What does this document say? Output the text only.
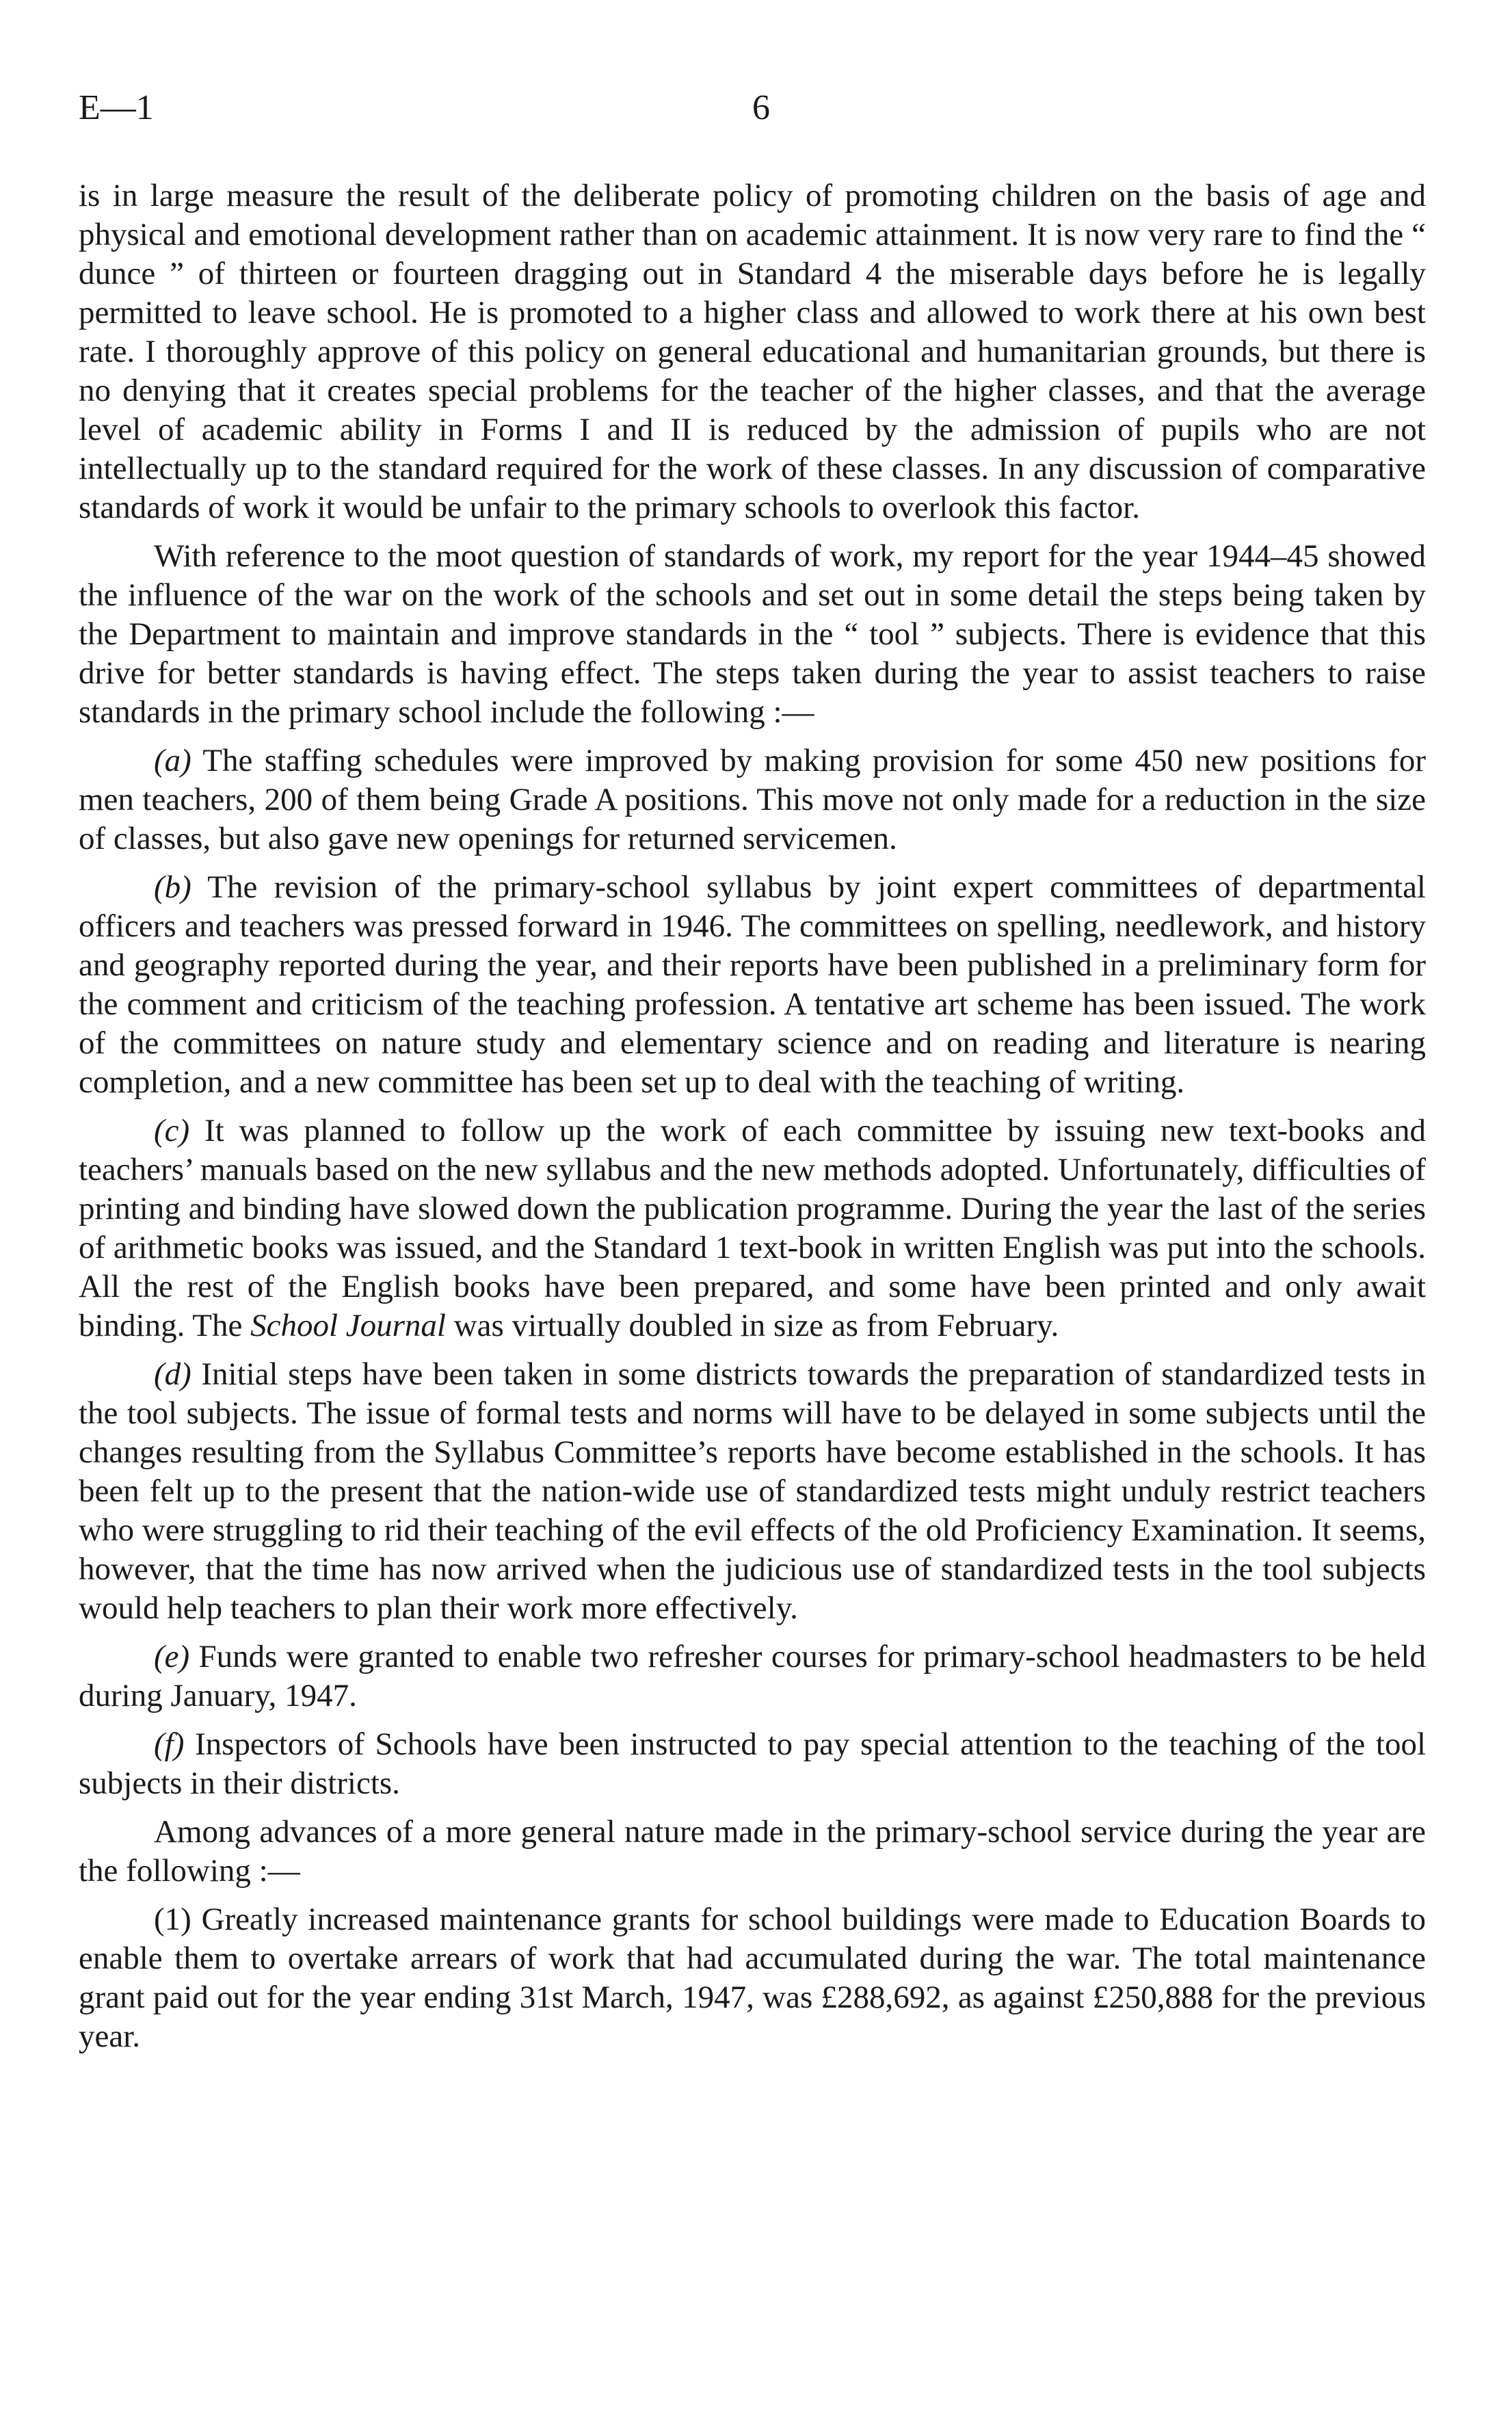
E—1	6

is in large measure the result of the deliberate policy of promoting children on the basis of age and physical and emotional development rather than on academic attainment. It is now very rare to find the “ dunce ” of thirteen or fourteen dragging out in Standard 4 the miserable days before he is legally permitted to leave school. He is promoted to a higher class and allowed to work there at his own best rate. I thoroughly approve of this policy on general educational and humanitarian grounds, but there is no denying that it creates special problems for the teacher of the higher classes, and that the average level of academic ability in Forms I and II is reduced by the admission of pupils who are not intellectually up to the standard required for the work of these classes. In any discussion of comparative standards of work it would be unfair to the primary schools to overlook this factor.

With reference to the moot question of standards of work, my report for the year 1944–45 showed the influence of the war on the work of the schools and set out in some detail the steps being taken by the Department to maintain and improve standards in the “ tool ” subjects. There is evidence that this drive for better standards is having effect. The steps taken during the year to assist teachers to raise standards in the primary school include the following :—

(a) The staffing schedules were improved by making provision for some 450 new positions for men teachers, 200 of them being Grade A positions. This move not only made for a reduction in the size of classes, but also gave new openings for returned servicemen.

(b) The revision of the primary-school syllabus by joint expert committees of departmental officers and teachers was pressed forward in 1946. The committees on spelling, needlework, and history and geography reported during the year, and their reports have been published in a preliminary form for the comment and criticism of the teaching profession. A tentative art scheme has been issued. The work of the committees on nature study and elementary science and on reading and literature is nearing completion, and a new committee has been set up to deal with the teaching of writing.

(c) It was planned to follow up the work of each committee by issuing new text-books and teachers’ manuals based on the new syllabus and the new methods adopted. Unfortunately, difficulties of printing and binding have slowed down the publication programme. During the year the last of the series of arithmetic books was issued, and the Standard 1 text-book in written English was put into the schools. All the rest of the English books have been prepared, and some have been printed and only await binding. The School Journal was virtually doubled in size as from February.

(d) Initial steps have been taken in some districts towards the preparation of standardized tests in the tool subjects. The issue of formal tests and norms will have to be delayed in some subjects until the changes resulting from the Syllabus Committee’s reports have become established in the schools. It has been felt up to the present that the nation-wide use of standardized tests might unduly restrict teachers who were struggling to rid their teaching of the evil effects of the old Proficiency Examination. It seems, however, that the time has now arrived when the judicious use of standardized tests in the tool subjects would help teachers to plan their work more effectively.

(e) Funds were granted to enable two refresher courses for primary-school headmasters to be held during January, 1947.

(f) Inspectors of Schools have been instructed to pay special attention to the teaching of the tool subjects in their districts.

Among advances of a more general nature made in the primary-school service during the year are the following :—

(1) Greatly increased maintenance grants for school buildings were made to Education Boards to enable them to overtake arrears of work that had accumulated during the war. The total maintenance grant paid out for the year ending 31st March, 1947, was £288,692, as against £250,888 for the previous year.
